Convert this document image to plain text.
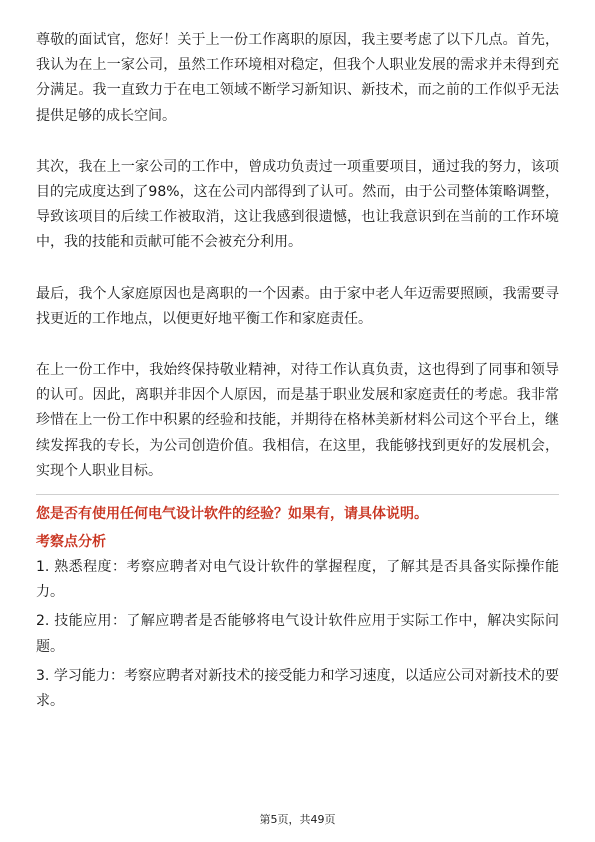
尊敬的面试官，您好！关于上一份工作离职的原因，我主要考虑了以下几点。首先，我认为在上一家公司，虽然工作环境相对稳定，但我个人职业发展的需求并未得到充分满足。我一直致力于在电工领域不断学习新知识、新技术，而之前的工作似乎无法提供足够的成长空间。

其次，我在上一家公司的工作中，曾成功负责过一项重要项目，通过我的努力，该项目的完成度达到了98%，这在公司内部得到了认可。然而，由于公司整体策略调整，导致该项目的后续工作被取消，这让我感到很遗憾，也让我意识到在当前的工作环境中，我的技能和贡献可能不会被充分利用。

最后，我个人家庭原因也是离职的一个因素。由于家中老人年迈需要照顾，我需要寻找更近的工作地点，以便更好地平衡工作和家庭责任。

在上一份工作中，我始终保持敬业精神，对待工作认真负责，这也得到了同事和领导的认可。因此，离职并非因个人原因，而是基于职业发展和家庭责任的考虑。我非常珍惜在上一份工作中积累的经验和技能，并期待在格林美新材料公司这个平台上，继续发挥我的专长，为公司创造价值。我相信，在这里，我能够找到更好的发展机会，实现个人职业目标。

您是否有使用任何电气设计软件的经验？如果有，请具体说明。
考察点分析

1. 熟悉程度：考察应聘者对电气设计软件的掌握程度，了解其是否具备实际操作能力。

2. 技能应用：了解应聘者是否能够将电气设计软件应用于实际工作中，解决实际问题。

3. 学习能力：考察应聘者对新技术的接受能力和学习速度，以适应公司对新技术的要求。

第5页，共49页
